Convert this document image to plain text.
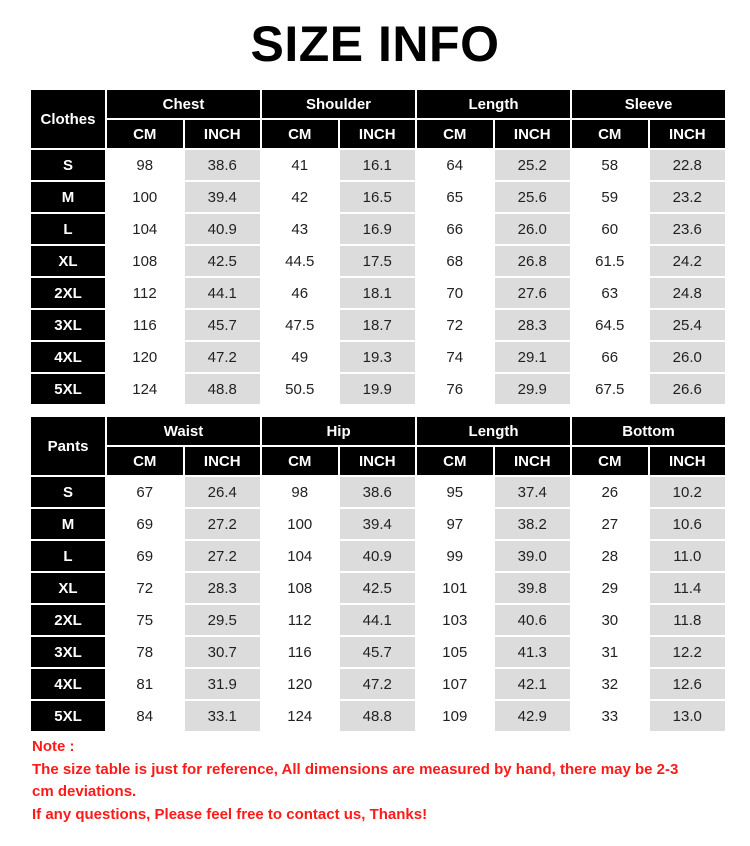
SIZE INFO
Clothes	Chest		Shoulder		Length		Sleeve	
	CM	INCH	CM	INCH	CM	INCH	CM	INCH
S	98	38.6	41	16.1	64	25.2	58	22.8
M	100	39.4	42	16.5	65	25.6	59	23.2
L	104	40.9	43	16.9	66	26.0	60	23.6
XL	108	42.5	44.5	17.5	68	26.8	61.5	24.2
2XL	112	44.1	46	18.1	70	27.6	63	24.8
3XL	116	45.7	47.5	18.7	72	28.3	64.5	25.4
4XL	120	47.2	49	19.3	74	29.1	66	26.0
5XL	124	48.8	50.5	19.9	76	29.9	67.5	26.6
Pants	Waist		Hip		Length		Bottom	
	CM	INCH	CM	INCH	CM	INCH	CM	INCH
S	67	26.4	98	38.6	95	37.4	26	10.2
M	69	27.2	100	39.4	97	38.2	27	10.6
L	69	27.2	104	40.9	99	39.0	28	11.0
XL	72	28.3	108	42.5	101	39.8	29	11.4
2XL	75	29.5	112	44.1	103	40.6	30	11.8
3XL	78	30.7	116	45.7	105	41.3	31	12.2
4XL	81	31.9	120	47.2	107	42.1	32	12.6
5XL	84	33.1	124	48.8	109	42.9	33	13.0
Note :
The size table is just for reference, All dimensions are measured by hand, there may be 2-3
cm deviations.
If any questions, Please feel free to contact us, Thanks!
